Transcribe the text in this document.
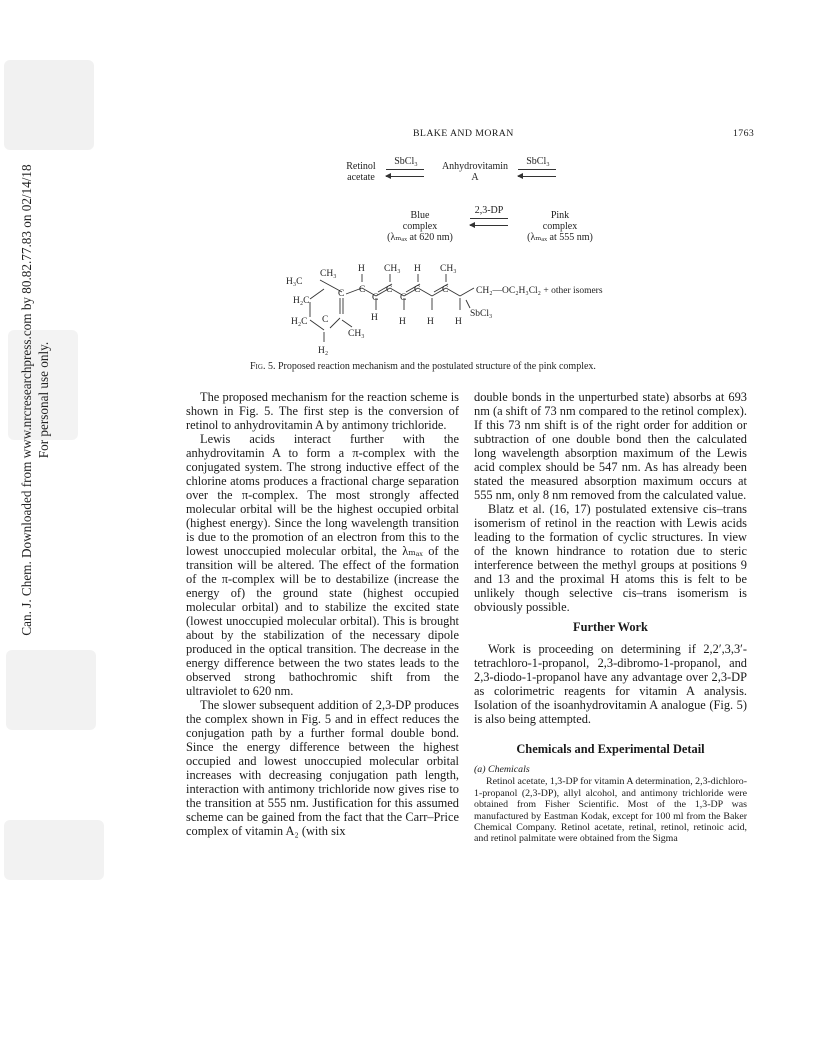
Can. J. Chem. Downloaded from www.nrcresearchpress.com by 80.82.77.83 on 02/14/18 For personal use only.
BLAKE AND MORAN	1763
Retinol
acetate
SbCl₃	Anhydrovitamin
A
SbCl₃
Blue
complex
(λₘₐₓ at 620 nm)
2,3-DP	Pink
complex
(λₘₐₓ at 555 nm)
H₃C
CH₃ H CH₃ H CH₃
H₂C
C C
C
C
C
C C
H₂C C
CH₃
H H H H
H₂
CH₂—OC₂H₃Cl₂ + other isomers
SbCl₃
Fig. 5. Proposed reaction mechanism and the postulated structure of the pink complex.

The proposed mechanism for the reaction scheme is shown in Fig. 5. The first step is the conversion of retinol to anhydrovitamin A by antimony trichloride.

Lewis acids interact further with the anhydrovitamin A to form a π-complex with the conjugated system. The strong inductive effect of the chlorine atoms produces a fractional charge separation over the π-complex. The most strongly affected molecular orbital will be the highest occupied orbital (highest energy). Since the long wavelength transition is due to the promotion of an electron from this to the lowest unoccupied molecular orbital, the λₘₐₓ of the transition will be altered. The effect of the formation of the π-complex will be to destabilize (increase the energy of) the ground state (highest occupied molecular orbital) and to stabilize the excited state (lowest unoccupied molecular orbital). This is brought about by the stabilization of the necessary dipole produced in the optical transition. The decrease in the energy difference between the two states leads to the observed strong bathochromic shift from the ultraviolet to 620 nm.

The slower subsequent addition of 2,3-DP produces the complex shown in Fig. 5 and in effect reduces the conjugation path by a further formal double bond. Since the energy difference between the highest occupied and lowest unoccupied molecular orbital increases with decreasing conjugation path length, interaction with antimony trichloride now gives rise to the transition at 555 nm. Justification for this assumed scheme can be gained from the fact that the Carr–Price complex of vitamin A₂ (with six

double bonds in the unperturbed state) absorbs at 693 nm (a shift of 73 nm compared to the retinol complex). If this 73 nm shift is of the right order for addition or subtraction of one double bond then the calculated long wavelength absorption maximum of the Lewis acid complex should be 547 nm. As has already been stated the measured absorption maximum occurs at 555 nm, only 8 nm removed from the calculated value.

Blatz et al. (16, 17) postulated extensive cis–trans isomerism of retinol in the reaction with Lewis acids leading to the formation of cyclic structures. In view of the known hindrance to rotation due to steric interference between the methyl groups at positions 9 and 13 and the proximal H atoms this is felt to be unlikely though selective cis–trans isomerism is obviously possible.

Further Work

Work is proceeding on determining if 2,2′,3,3′-tetrachloro-1-propanol, 2,3-dibromo-1-propanol, and 2,3-diodo-1-propanol have any advantage over 2,3-DP as colorimetric reagents for vitamin A analysis. Isolation of the isoanhydrovitamin A analogue (Fig. 5) is also being attempted.

Chemicals and Experimental Detail
(a) Chemicals

Retinol acetate, 1,3-DP for vitamin A determination, 2,3-dichloro-1-propanol (2,3-DP), allyl alcohol, and antimony trichloride were obtained from Fisher Scientific. Most of the 1,3-DP was manufactured by Eastman Kodak, except for 100 ml from the Baker Chemical Company. Retinol acetate, retinal, retinol, retinoic acid, and retinol palmitate were obtained from the Sigma
